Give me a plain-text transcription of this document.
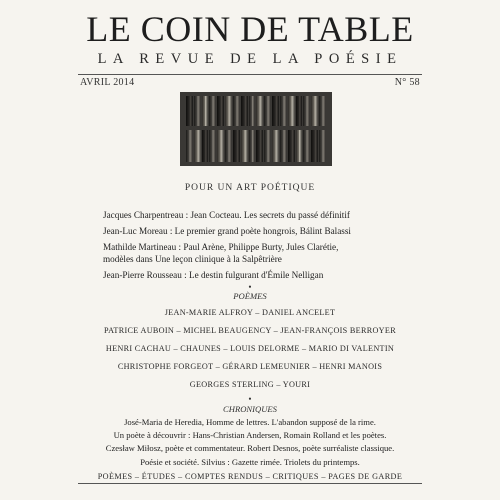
LE COIN DE TABLE
LA REVUE DE LA POÉSIE
AVRIL 2014	N° 58
POUR UN ART POÉTIQUE
Jacques Charpentreau : Jean Cocteau. Les secrets du passé définitif
Jean-Luc Moreau : Le premier grand poète hongrois, Bálint Balassi
Mathilde Martineau : Paul Arène, Philippe Burty, Jules Clarétie,
modèles dans Une leçon clinique à la Salpêtrière
Jean-Pierre Rousseau : Le destin fulgurant d'Émile Nelligan
•
POÈMES
JEAN-MARIE ALFROY – DANIEL ANCELET
PATRICE AUBOIN – MICHEL BEAUGENCY – JEAN-FRANÇOIS BERROYER
HENRI CACHAU – CHAUNES – LOUIS DELORME – MARIO DI VALENTIN
CHRISTOPHE FORGEOT – GÉRARD LEMEUNIER – HENRI MANOIS
GEORGES STERLING – YOURI
•
CHRONIQUES
José-Maria de Heredia, Homme de lettres. L'abandon supposé de la rime.
Un poète à découvrir : Hans-Christian Andersen, Romain Rolland et les poètes.
Czesław Miłosz, poète et commentateur. Robert Desnos, poète surréaliste classique.
Poésie et société. Silvius : Gazette rimée. Triolets du printemps.
POÈMES – ÉTUDES – COMPTES RENDUS – CRITIQUES – PAGES DE GARDE
